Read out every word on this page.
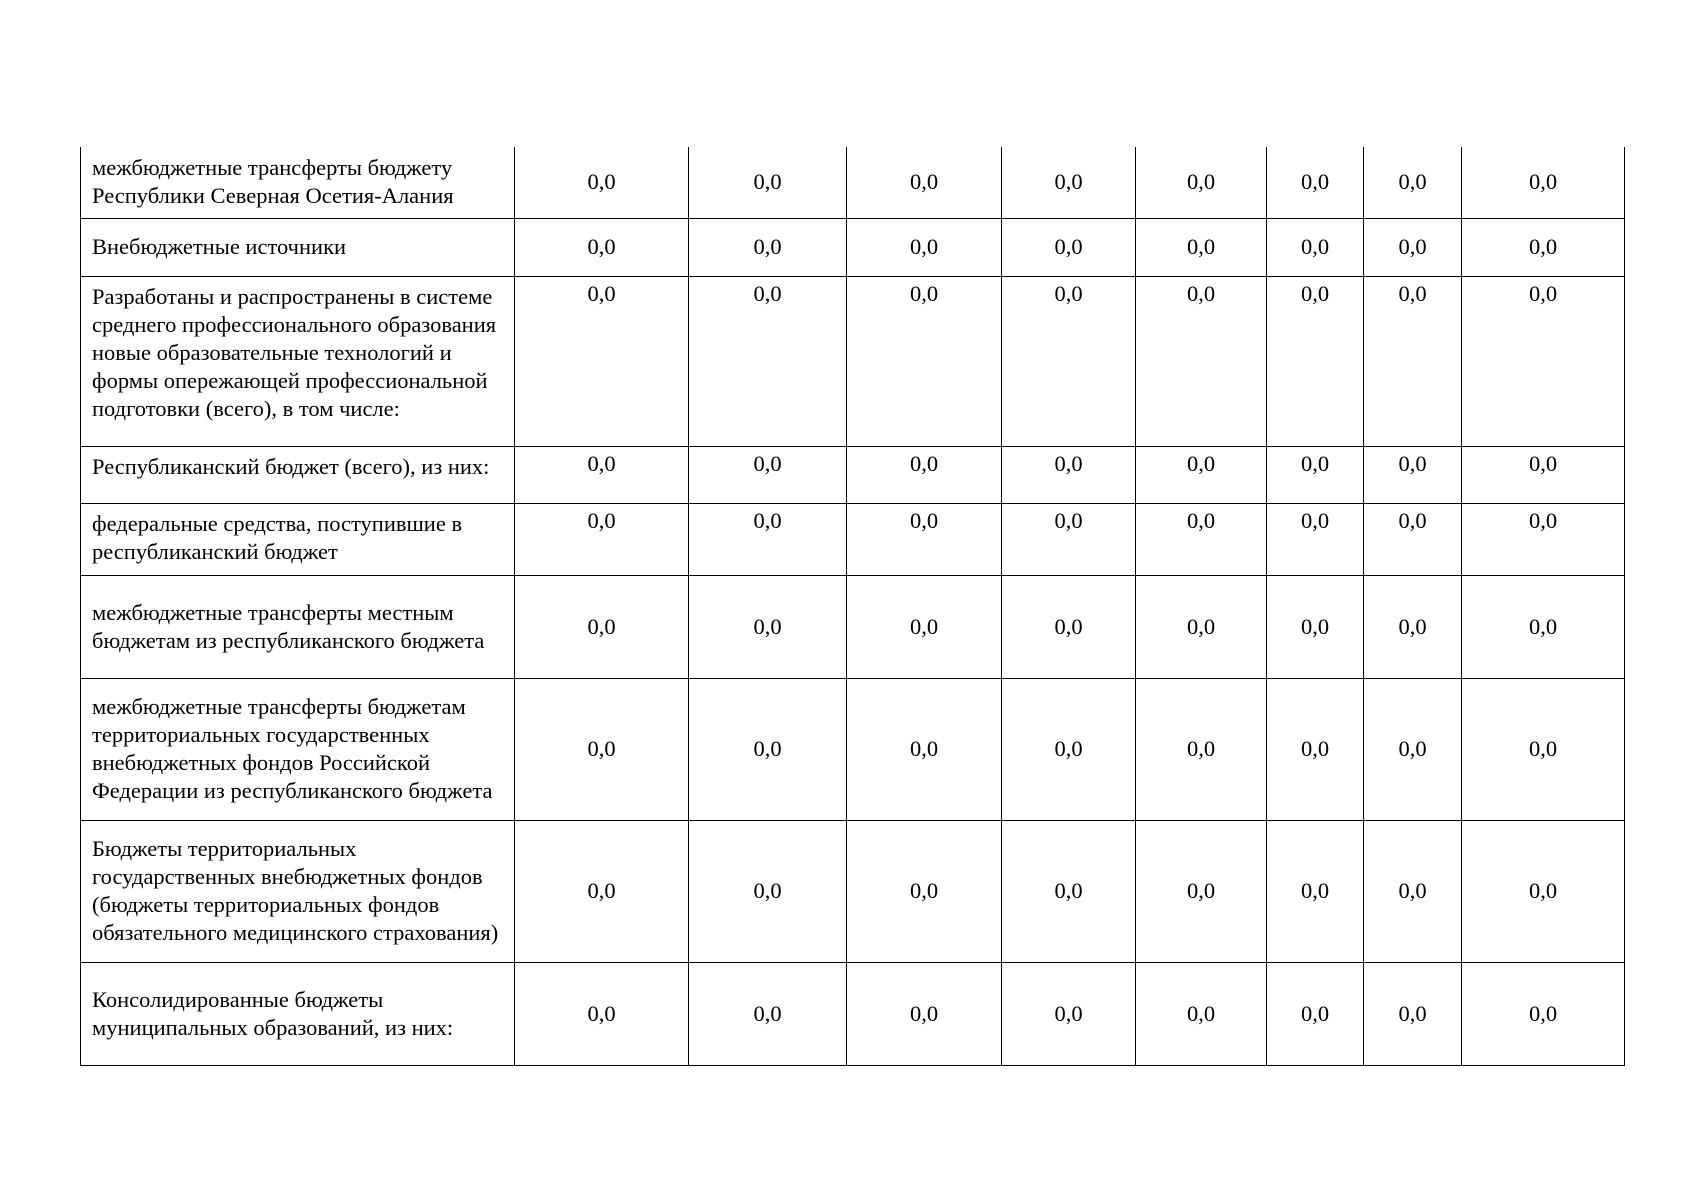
межбюджетные трансферты бюджету Республики Северная Осетия-Алания	0,0	0,0	0,0	0,0	0,0	0,0	0,0	0,0

Внебюджетные источники	0,0	0,0	0,0	0,0	0,0	0,0	0,0	0,0

Разработаны и распространены в системе среднего профессионального образования новые образовательные технологий и формы опережающей профессиональной подготовки (всего), в том числе:	0,0	0,0	0,0	0,0	0,0	0,0	0,0	0,0

Республиканский бюджет (всего), из них:	0,0	0,0	0,0	0,0	0,0	0,0	0,0	0,0

федеральные средства, поступившие в республиканский бюджет	0,0	0,0	0,0	0,0	0,0	0,0	0,0	0,0

межбюджетные трансферты местным бюджетам из республиканского бюджета	0,0	0,0	0,0	0,0	0,0	0,0	0,0	0,0

межбюджетные трансферты бюджетам территориальных государственных внебюджетных фондов Российской Федерации из республиканского бюджета	0,0	0,0	0,0	0,0	0,0	0,0	0,0	0,0

Бюджеты территориальных государственных внебюджетных фондов (бюджеты территориальных фондов обязательного медицинского страхования)	0,0	0,0	0,0	0,0	0,0	0,0	0,0	0,0

Консолидированные бюджеты муниципальных образований, из них:	0,0	0,0	0,0	0,0	0,0	0,0	0,0	0,0
